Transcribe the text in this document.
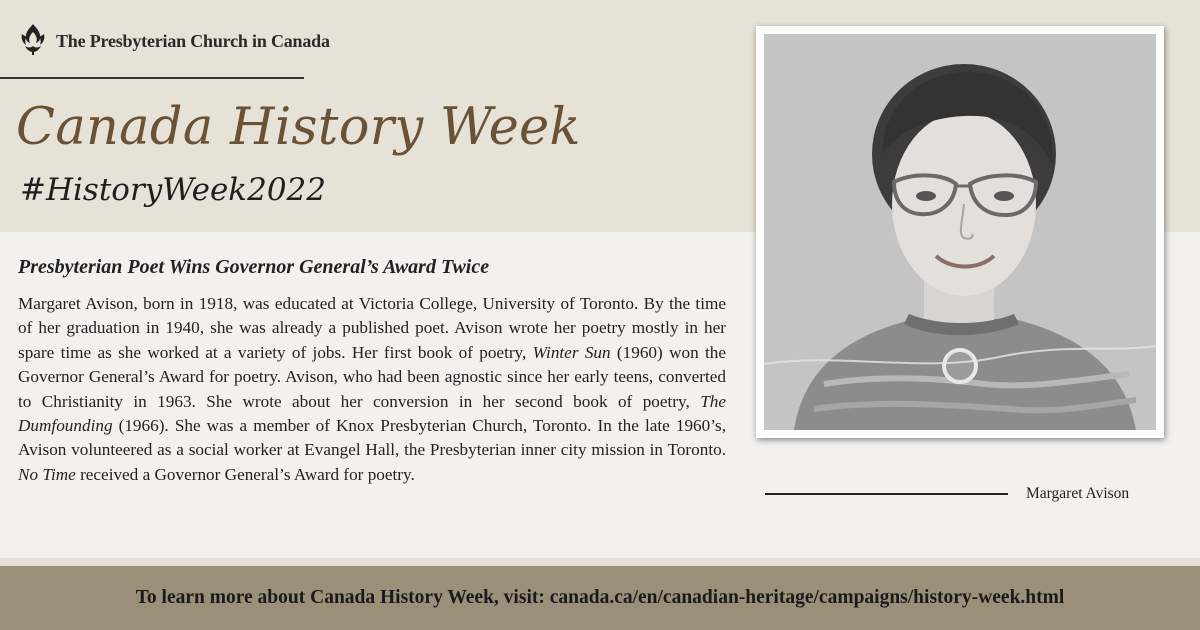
The Presbyterian Church in Canada
Canada History Week
#HistoryWeek2022
Presbyterian Poet Wins Governor General’s Award Twice

Margaret Avison, born in 1918, was educated at Victoria College, University of Toronto. By the time of her graduation in 1940, she was already a published poet. Avison wrote her poetry mostly in her spare time as she worked at a variety of jobs. Her first book of poetry, Winter Sun (1960) won the Governor General’s Award for poetry. Avison, who had been agnostic since her early teens, converted to Christianity in 1963. She wrote about her conversion in her second book of poetry, The Dumfounding (1966). She was a member of Knox Presbyterian Church, Toronto. In the late 1960’s, Avison volunteered as a social worker at Evangel Hall, the Presbyterian inner city mission in Toronto. No Time received a Governor General’s Award for poetry.

Margaret Avison

To learn more about Canada History Week, visit: canada.ca/en/canadian-heritage/campaigns/history-week.html
